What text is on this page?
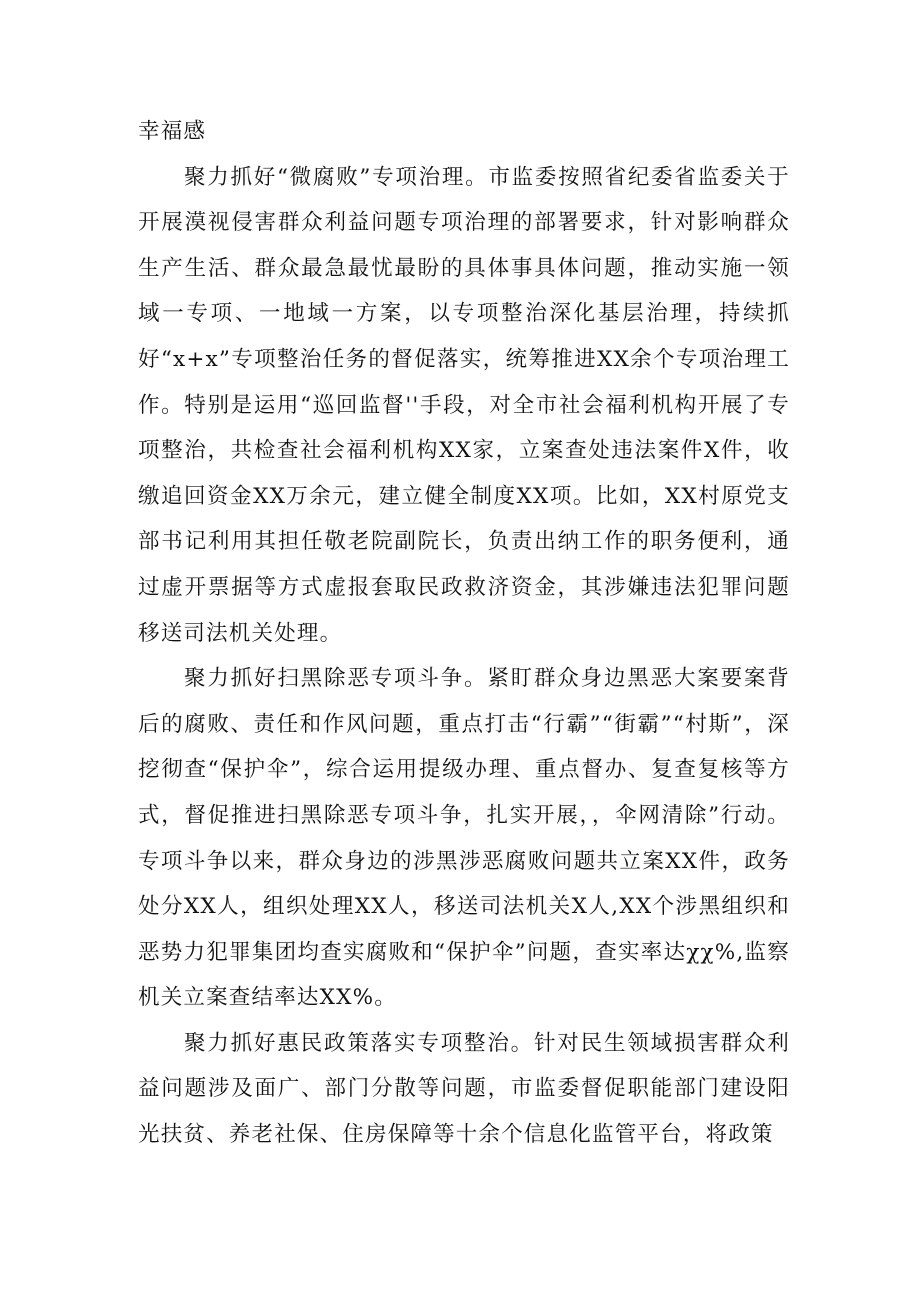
幸福感

聚力抓好“微腐败”专项治理。市监委按照省纪委省监委关于开展漠视侵害群众利益问题专项治理的部署要求，针对影响群众生产生活、群众最急最忧最盼的具体事具体问题，推动实施一领域一专项、一地域一方案，以专项整治深化基层治理，持续抓好“x+x”专项整治任务的督促落实，统筹推进XX余个专项治理工作。特别是运用“巡回监督''手段，对全市社会福利机构开展了专项整治，共检查社会福利机构XX家，立案查处违法案件X件，收缴追回资金XX万余元，建立健全制度XX项。比如，XX村原党支部书记利用其担任敬老院副院长，负责出纳工作的职务便利，通过虚开票据等方式虚报套取民政救济资金，其涉嫌违法犯罪问题移送司法机关处理。

聚力抓好扫黑除恶专项斗争。紧盯群众身边黑恶大案要案背后的腐败、责任和作风问题，重点打击“行霸”“街霸”“村斯”，深挖彻查“保护伞”，综合运用提级办理、重点督办、复查复核等方式，督促推进扫黑除恶专项斗争，扎实开展，，伞网清除”行动。专项斗争以来，群众身边的涉黑涉恶腐败问题共立案XX件，政务处分XX人，组织处理XX人，移送司法机关X人,XX个涉黑组织和恶势力犯罪集团均查实腐败和“保护伞”问题，查实率达χχ%,监察机关立案查结率达XX%。

聚力抓好惠民政策落实专项整治。针对民生领域损害群众利益问题涉及面广、部门分散等问题，市监委督促职能部门建设阳光扶贫、养老社保、住房保障等十余个信息化监管平台，将政策
